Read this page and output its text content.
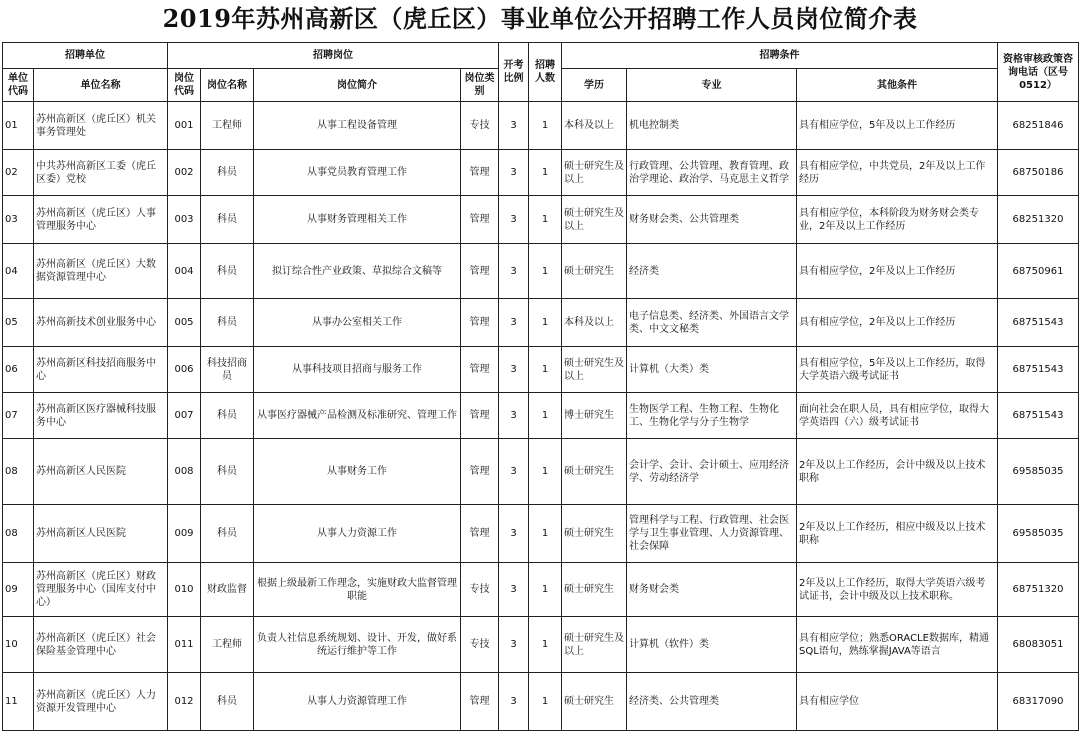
2019年苏州高新区（虎丘区）事业单位公开招聘工作人员岗位简介表
招聘单位		招聘岗位				开考比例	招聘人数	招聘条件			资格审核政策咨询电话（区号0512）
单位代码	单位名称	岗位代码	岗位名称	岗位简介	岗位类别			学历	专业	其他条件	
01	苏州高新区（虎丘区）机关事务管理处	001	工程师	从事工程设备管理	专技	3	1	本科及以上	机电控制类	具有相应学位，5年及以上工作经历	68251846
02	中共苏州高新区工委（虎丘区委）党校	002	科员	从事党员教育管理工作	管理	3	1	硕士研究生及以上	行政管理、公共管理、教育管理、政治学理论、政治学、马克思主义哲学	具有相应学位，中共党员，2年及以上工作经历	68750186
03	苏州高新区（虎丘区）人事管理服务中心	003	科员	从事财务管理相关工作	管理	3	1	硕士研究生及以上	财务财会类、公共管理类	具有相应学位，本科阶段为财务财会类专业，2年及以上工作经历	68251320
04	苏州高新区（虎丘区）大数据资源管理中心	004	科员	拟订综合性产业政策、草拟综合文稿等	管理	3	1	硕士研究生	经济类	具有相应学位，2年及以上工作经历	68750961
05	苏州高新技术创业服务中心	005	科员	从事办公室相关工作	管理	3	1	本科及以上	电子信息类、经济类、外国语言文学类、中文文秘类	具有相应学位，2年及以上工作经历	68751543
06	苏州高新区科技招商服务中心	006	科技招商员	从事科技项目招商与服务工作	管理	3	1	硕士研究生及以上	计算机（大类）类	具有相应学位，5年及以上工作经历，取得大学英语六级考试证书	68751543
07	苏州高新区医疗器械科技服务中心	007	科员	从事医疗器械产品检测及标准研究、管理工作	管理	3	1	博士研究生	生物医学工程、生物工程、生物化工、生物化学与分子生物学	面向社会在职人员，具有相应学位，取得大学英语四（六）级考试证书	68751543
08	苏州高新区人民医院	008	科员	从事财务工作	管理	3	1	硕士研究生	会计学、会计、会计硕士、应用经济学、劳动经济学	2年及以上工作经历，会计中级及以上技术职称	69585035
08	苏州高新区人民医院	009	科员	从事人力资源工作	管理	3	1	硕士研究生	管理科学与工程、行政管理、社会医学与卫生事业管理、人力资源管理、社会保障	2年及以上工作经历，相应中级及以上技术职称	69585035
09	苏州高新区（虎丘区）财政管理服务中心（国库支付中心）	010	财政监督	根据上级最新工作理念，实施财政大监督管理职能	专技	3	1	硕士研究生	财务财会类	2年及以上工作经历，取得大学英语六级考试证书，会计中级及以上技术职称。	68751320
10	苏州高新区（虎丘区）社会保险基金管理中心	011	工程师	负责人社信息系统规划、设计、开发，做好系统运行维护等工作	专技	3	1	硕士研究生及以上	计算机（软件）类	具有相应学位；熟悉ORACLE数据库，精通SQL语句，熟练掌握JAVA等语言	68083051
11	苏州高新区（虎丘区）人力资源开发管理中心	012	科员	从事人力资源管理工作	管理	3	1	硕士研究生	经济类、公共管理类	具有相应学位	68317090
